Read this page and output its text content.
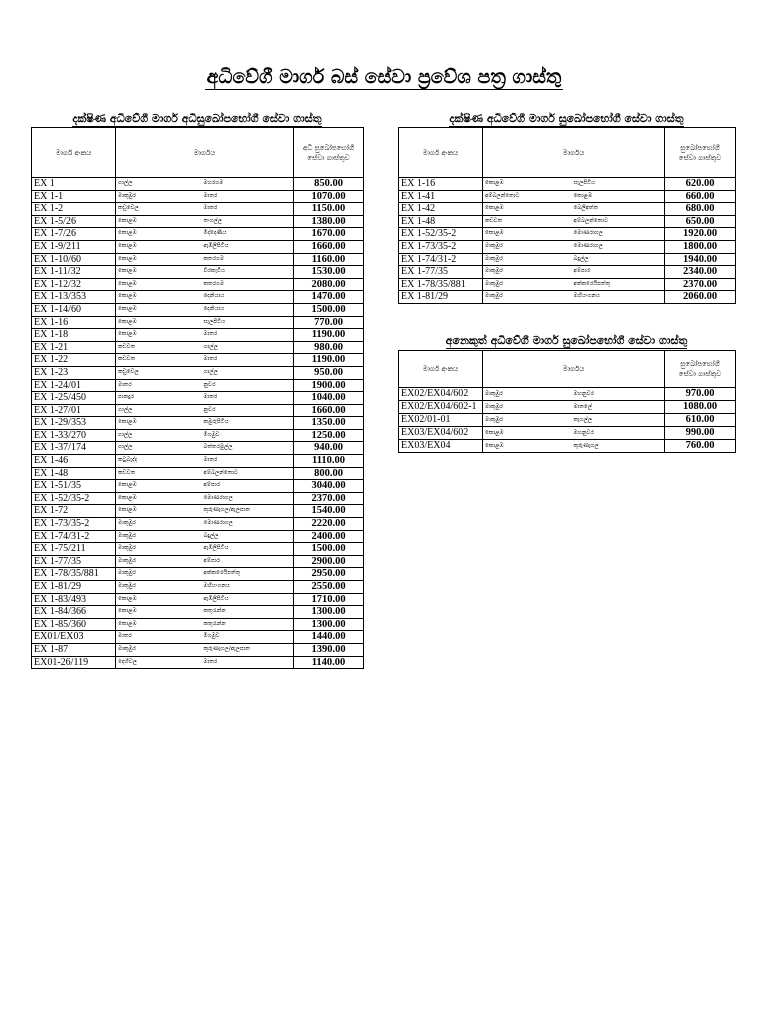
අධිවේගී මාර්ග බස් සේවා ප්‍රවේශ පත්‍ර ගාස්තු
දක්ෂිණ අධිවේගී මාර්ග අධිසුඛෝපභෝගී සේවා ගාස්තු
මාර්ග අංකය	මාර්ගය		අධි සුඛෝපභෝගී
සේවා ගාස්තුව
EX 1	ගාල්ල	මහරගම	850.00
EX 1-1	මාකුඹුර	මාතර	1070.00
EX 1-2	කඩුවෙල	මාතර	1150.00
EX 1-5/26	කොළඹ	තංගල්ල	1380.00
EX 1-7/26	කොළඹ	මිද්දෙණිය	1670.00
EX 1-9/211	කොළඹ	ඇඹිලිපිටිය	1660.00
EX 1-10/60	කොළඹ	කතරගම	1160.00
EX 1-11/32	කොළඹ	වීරකැටිය	1530.00
EX 1-12/32	කොළඹ	කතරගම	2080.00
EX 1-13/353	කොළඹ	දෙනියාය	1470.00
EX 1-14/60	කොළඹ	දෙනියාය	1500.00
EX 1-16	කොළඹ	සැලපිටිය	770.00
EX 1-18	කොළඹ	මාතර	1190.00
EX 1-21	කඩවත	ගාල්ල	980.00
EX 1-22	කඩවත	මාතර	1190.00
EX 1-23	කඩුවෙල	ගාල්ල	950.00
EX 1-24/01	මාතර	නුවර	1900.00
EX 1-25/450	පානදුර	මාතර	1040.00
EX 1-27/01	ගාල්ල	නුවර	1660.00
EX 1-29/353	කොළඹ	කඹුරුපිටිය	1350.00
EX 1-33/270	ගාල්ල	මීගමුව	1250.00
EX 1-37/174	ගාල්ල	බත්තරමුල්ල	940.00
EX 1-46	කටුබැද්ද	මාතර	1110.00
EX 1-48	කඩවත	අම්බලන්තොට	800.00
EX 1-51/35	කොළඹ	අම්පාර	3040.00
EX 1-52/35-2	කොළඹ	මොණරාගල	2370.00
EX 1-72	කොළඹ	කුරුණෑගල/ඇලපාත	1540.00
EX 1-73/35-2	මාකුඹුර	මොණරාගල	2220.00
EX 1-74/31-2	මාකුඹුර	බදුල්ල	2400.00
EX 1-75/211	මාකුඹුර	ඇඹිලිපිටිය	1500.00
EX 1-77/35	මාකුඹුර	අම්පාර	2900.00
EX 1-78/35/881	මාකුඹුර	අක්කරෙයිපත්තු	2950.00
EX 1-81/29	මාකුඹුර	මහියංගනය	2550.00
EX 1-83/493	කොළඹ	ඇඹිලිපිටිය	1710.00
EX 1-84/366	කොළඹ	කතුරැන්න	1300.00
EX 1-85/360	කොළඹ	කතුරැන්න	1300.00
EX01/EX03	මාතර	මීගමුව	1440.00
EX 1-87	මාකුඹුර	කුරුණෑගල/ඇලපාත	1390.00
EX01-26/119	දෙහිවල	මාතර	1140.00
දක්ෂිණ අධිවේගී මාර්ග සුඛෝපභෝගී සේවා ගාස්තු
මාර්ග අංකය	මාර්ගය		සුඛෝපභෝගී
සේවා ගාස්තුව
EX 1-16	කොළඹ	සැලපිටිය	620.00
EX 1-41	අම්බලන්තොට	කොළඹ	660.00
EX 1-42	කොළඹ	බෙලිඅත්ත	680.00
EX 1-48	කඩවත	අම්බලන්තොට	650.00
EX 1-52/35-2	කොළඹ	මොණරාගල	1920.00
EX 1-73/35-2	මාකුඹුර	මොණරාගල	1800.00
EX 1-74/31-2	මාකුඹුර	බදුල්ල	1940.00
EX 1-77/35	මාකුඹුර	අම්පාර	2340.00
EX 1-78/35/881	මාකුඹුර	අක්කරෙයිපත්තු	2370.00
EX 1-81/29	මාකුඹුර	මහියංගනය	2060.00
අනෙකුත් අධිවේගී මාර්ග සුඛෝපභෝගී සේවා ගාස්තු
මාර්ග අංකය	මාර්ගය		සුඛෝපභෝගී
සේවා ගාස්තුව
EX02/EX04/602	මාකුඹුර	මහනුවර	970.00
EX02/EX04/602-1	මාකුඹුර	මාතලේ	1080.00
EX02/01-01	මාකුඹුර	කෑගල්ල	610.00
EX03/EX04/602	කොළඹ	මහනුවර	990.00
EX03/EX04	කොළඹ	කුරුණෑගල	760.00
